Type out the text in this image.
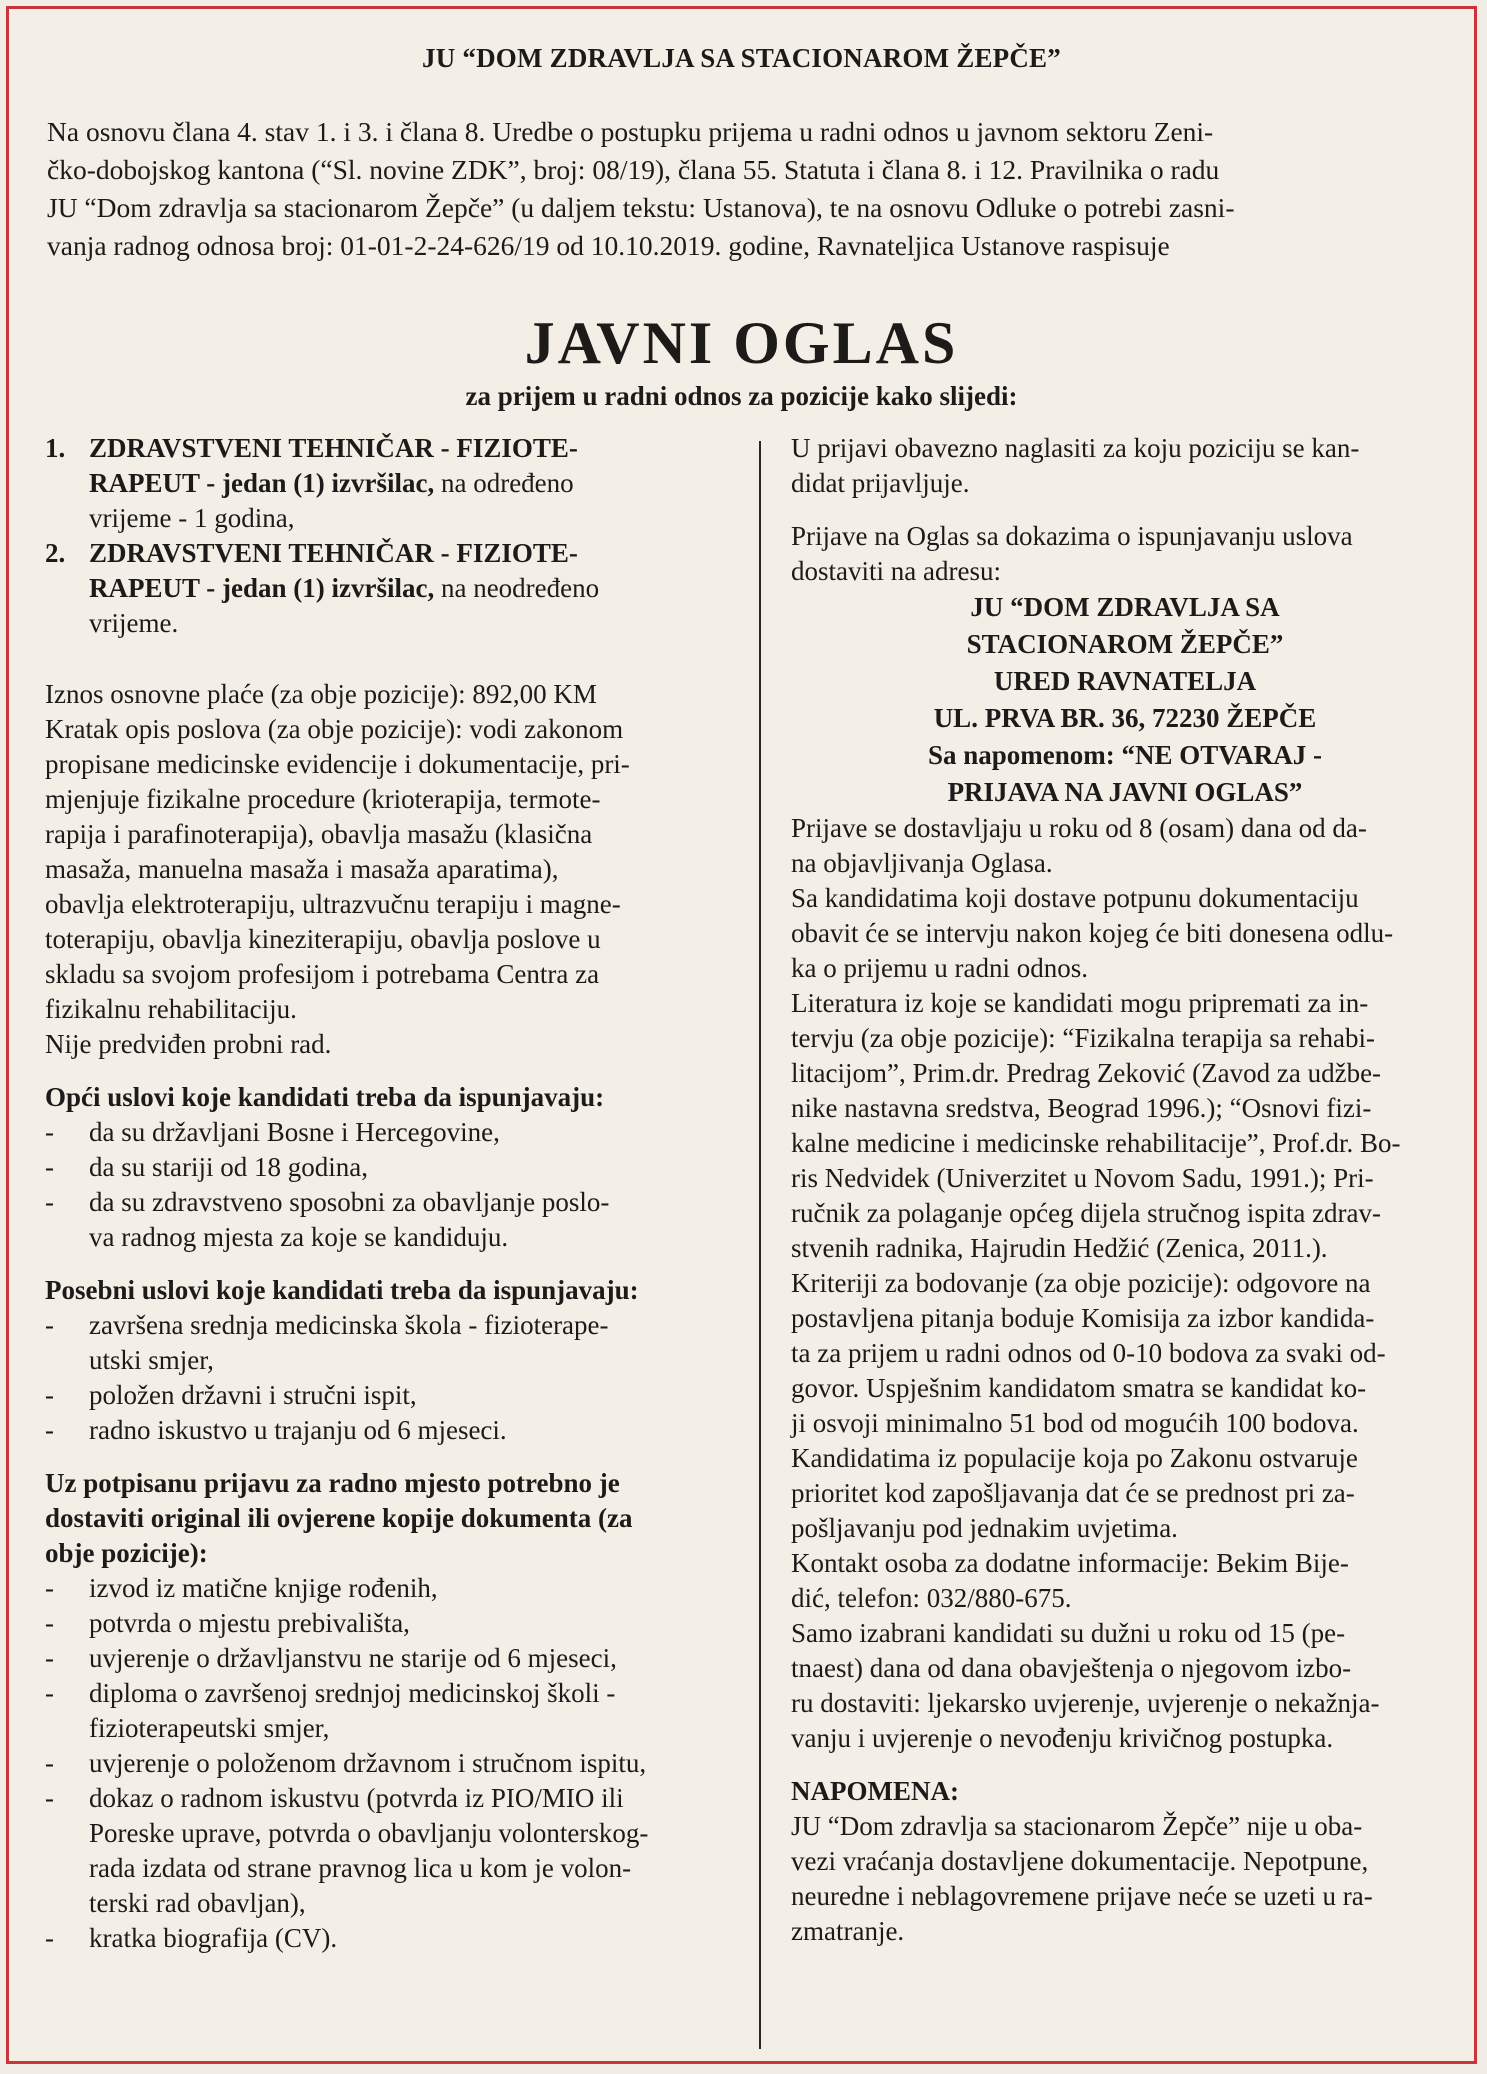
JU “DOM ZDRAVLJA SA STACIONAROM ŽEPČE”
Na osnovu člana 4. stav 1. i 3. i člana 8. Uredbe o postupku prijema u radni odnos u javnom sektoru Zeni-
čko-dobojskog kantona (“Sl. novine ZDK”, broj: 08/19), člana 55. Statuta i člana 8. i 12. Pravilnika o radu
JU “Dom zdravlja sa stacionarom Žepče” (u daljem tekstu: Ustanova), te na osnovu Odluke o potrebi zasni-
vanja radnog odnosa broj: 01-01-2-24-626/19 od 10.10.2019. godine, Ravnateljica Ustanove raspisuje
JAVNI OGLAS
za prijem u radni odnos za pozicije kako slijedi:
1. ZDRAVSTVENI TEHNIČAR - FIZIOTE-
RAPEUT - jedan (1) izvršilac, na određeno
vrijeme - 1 godina,
2. ZDRAVSTVENI TEHNIČAR - FIZIOTE-
RAPEUT - jedan (1) izvršilac, na neodređeno
vrijeme.
Iznos osnovne plaće (za obje pozicije): 892,00 KM
Kratak opis poslova (za obje pozicije): vodi zakonom
propisane medicinske evidencije i dokumentacije, pri-
mjenjuje fizikalne procedure (krioterapija, termote-
rapija i parafinoterapija), obavlja masažu (klasična
masaža, manuelna masaža i masaža aparatima),
obavlja elektroterapiju, ultrazvučnu terapiju i magne-
toterapiju, obavlja kineziterapiju, obavlja poslove u
skladu sa svojom profesijom i potrebama Centra za
fizikalnu rehabilitaciju.
Nije predviđen probni rad.
Opći uslovi koje kandidati treba da ispunjavaju:
- da su državljani Bosne i Hercegovine,
- da su stariji od 18 godina,
- da su zdravstveno sposobni za obavljanje poslo-
va radnog mjesta za koje se kandiduju.
Posebni uslovi koje kandidati treba da ispunjavaju:
- završena srednja medicinska škola - fizioterape-
utski smjer,
- položen državni i stručni ispit,
- radno iskustvo u trajanju od 6 mjeseci.
Uz potpisanu prijavu za radno mjesto potrebno je
dostaviti original ili ovjerene kopije dokumenta (za
obje pozicije):
- izvod iz matične knjige rođenih,
- potvrda o mjestu prebivališta,
- uvjerenje o državljanstvu ne starije od 6 mjeseci,
- diploma o završenoj srednjoj medicinskoj školi -
fizioterapeutski smjer,
- uvjerenje o položenom državnom i stručnom ispitu,
- dokaz o radnom iskustvu (potvrda iz PIO/MIO ili
Poreske uprave, potvrda o obavljanju volonterskog-
rada izdata od strane pravnog lica u kom je volon-
terski rad obavljan),
- kratka biografija (CV).
U prijavi obavezno naglasiti za koju poziciju se kan-
didat prijavljuje.
Prijave na Oglas sa dokazima o ispunjavanju uslova
dostaviti na adresu:
JU “DOM ZDRAVLJA SA
STACIONAROM ŽEPČE”
URED RAVNATELJA
UL. PRVA BR. 36, 72230 ŽEPČE
Sa napomenom: “NE OTVARAJ -
PRIJAVA NA JAVNI OGLAS”
Prijave se dostavljaju u roku od 8 (osam) dana od da-
na objavljivanja Oglasa.
Sa kandidatima koji dostave potpunu dokumentaciju
obavit će se intervju nakon kojeg će biti donesena odlu-
ka o prijemu u radni odnos.
Literatura iz koje se kandidati mogu pripremati za in-
tervju (za obje pozicije): “Fizikalna terapija sa rehabi-
litacijom”, Prim.dr. Predrag Zeković (Zavod za udžbe-
nike nastavna sredstva, Beograd 1996.); “Osnovi fizi-
kalne medicine i medicinske rehabilitacije”, Prof.dr. Bo-
ris Nedvidek (Univerzitet u Novom Sadu, 1991.); Pri-
ručnik za polaganje općeg dijela stručnog ispita zdrav-
stvenih radnika, Hajrudin Hedžić (Zenica, 2011.).
Kriteriji za bodovanje (za obje pozicije): odgovore na
postavljena pitanja boduje Komisija za izbor kandida-
ta za prijem u radni odnos od 0-10 bodova za svaki od-
govor. Uspješnim kandidatom smatra se kandidat ko-
ji osvoji minimalno 51 bod od mogućih 100 bodova.
Kandidatima iz populacije koja po Zakonu ostvaruje
prioritet kod zapošljavanja dat će se prednost pri za-
pošljavanju pod jednakim uvjetima.
Kontakt osoba za dodatne informacije: Bekim Bije-
dić, telefon: 032/880-675.
Samo izabrani kandidati su dužni u roku od 15 (pe-
tnaest) dana od dana obavještenja o njegovom izbo-
ru dostaviti: ljekarsko uvjerenje, uvjerenje o nekažnja-
vanju i uvjerenje o nevođenju krivičnog postupka.
NAPOMENA:
JU “Dom zdravlja sa stacionarom Žepče” nije u oba-
vezi vraćanja dostavljene dokumentacije. Nepotpune,
neuredne i neblagovremene prijave neće se uzeti u ra-
zmatranje.
